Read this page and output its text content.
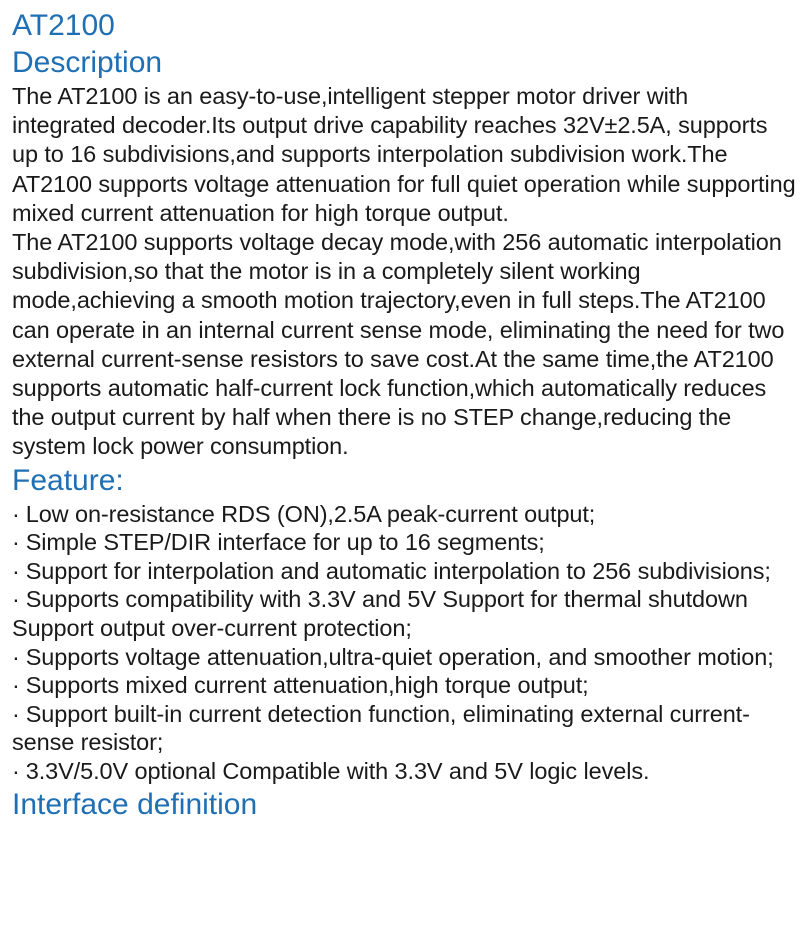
AT2100
Description

The AT2100 is an easy-to-use,intelligent stepper motor driver with integrated decoder.Its output drive capability reaches 32V±2.5A, supports up to 16 subdivisions,and supports interpolation subdivision work.The AT2100 supports voltage attenuation for full quiet operation while supporting mixed current attenuation for high torque output.

The AT2100 supports voltage decay mode,with 256 automatic interpolation subdivision,so that the motor is in a completely silent working mode,achieving a smooth motion trajectory,even in full steps.The AT2100 can operate in an internal current sense mode, eliminating the need for two external current-sense resistors to save cost.At the same time,the AT2100 supports automatic half-current lock function,which automatically reduces the output current by half when there is no STEP change,reducing the system lock power consumption.

Feature:
· Low on-resistance RDS (ON),2.5A peak-current output;
· Simple STEP/DIR interface for up to 16 segments;
· Support for interpolation and automatic interpolation to 256 subdivisions;
· Supports compatibility with 3.3V and 5V Support for thermal shutdown Support output over-current protection;
· Supports voltage attenuation,ultra-quiet operation, and smoother motion;
· Supports mixed current attenuation,high torque output;
· Support built-in current detection function, eliminating external current-sense resistor;
· 3.3V/5.0V optional Compatible with 3.3V and 5V logic levels.
Interface definition
